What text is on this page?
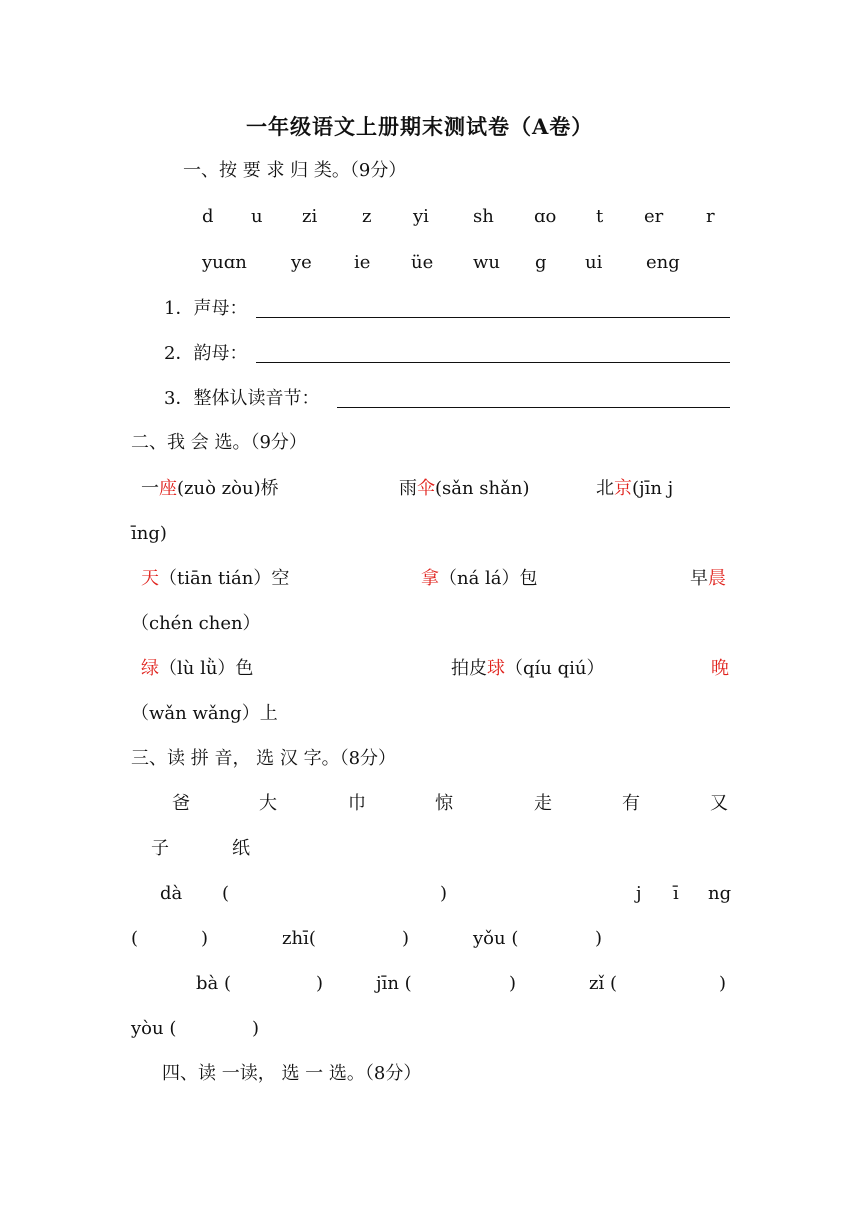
一年级语文上册期末测试卷（A卷）
一、按 要 求 归 类。（9分）
d u zi z yi sh ɑo t er r
yuɑn ye ie üe wu g ui eng
1．声母：
2．韵母：
3．整体认读音节：
二、我 会 选。（9分）
一座(zuò zòu)桥	雨伞(sǎn shǎn)	北京(jīn j
īng)
天（tiān tián）空	拿（ná lá）包	早晨
（chén chen）
绿（lù lǜ）色	拍皮球（qíu qiú）	晚
（wǎn wǎng）上
三、读 拼 音， 选 汉 字。（8分）
爸	大	巾	惊	走	有	又
子	纸
dà (	)	j ī ng
(	)	zhī(	)	yǒu (	)
bà (	)	jīn (	)	zǐ (	)
yòu (	)
四、读 一读， 选 一 选。（8分）
